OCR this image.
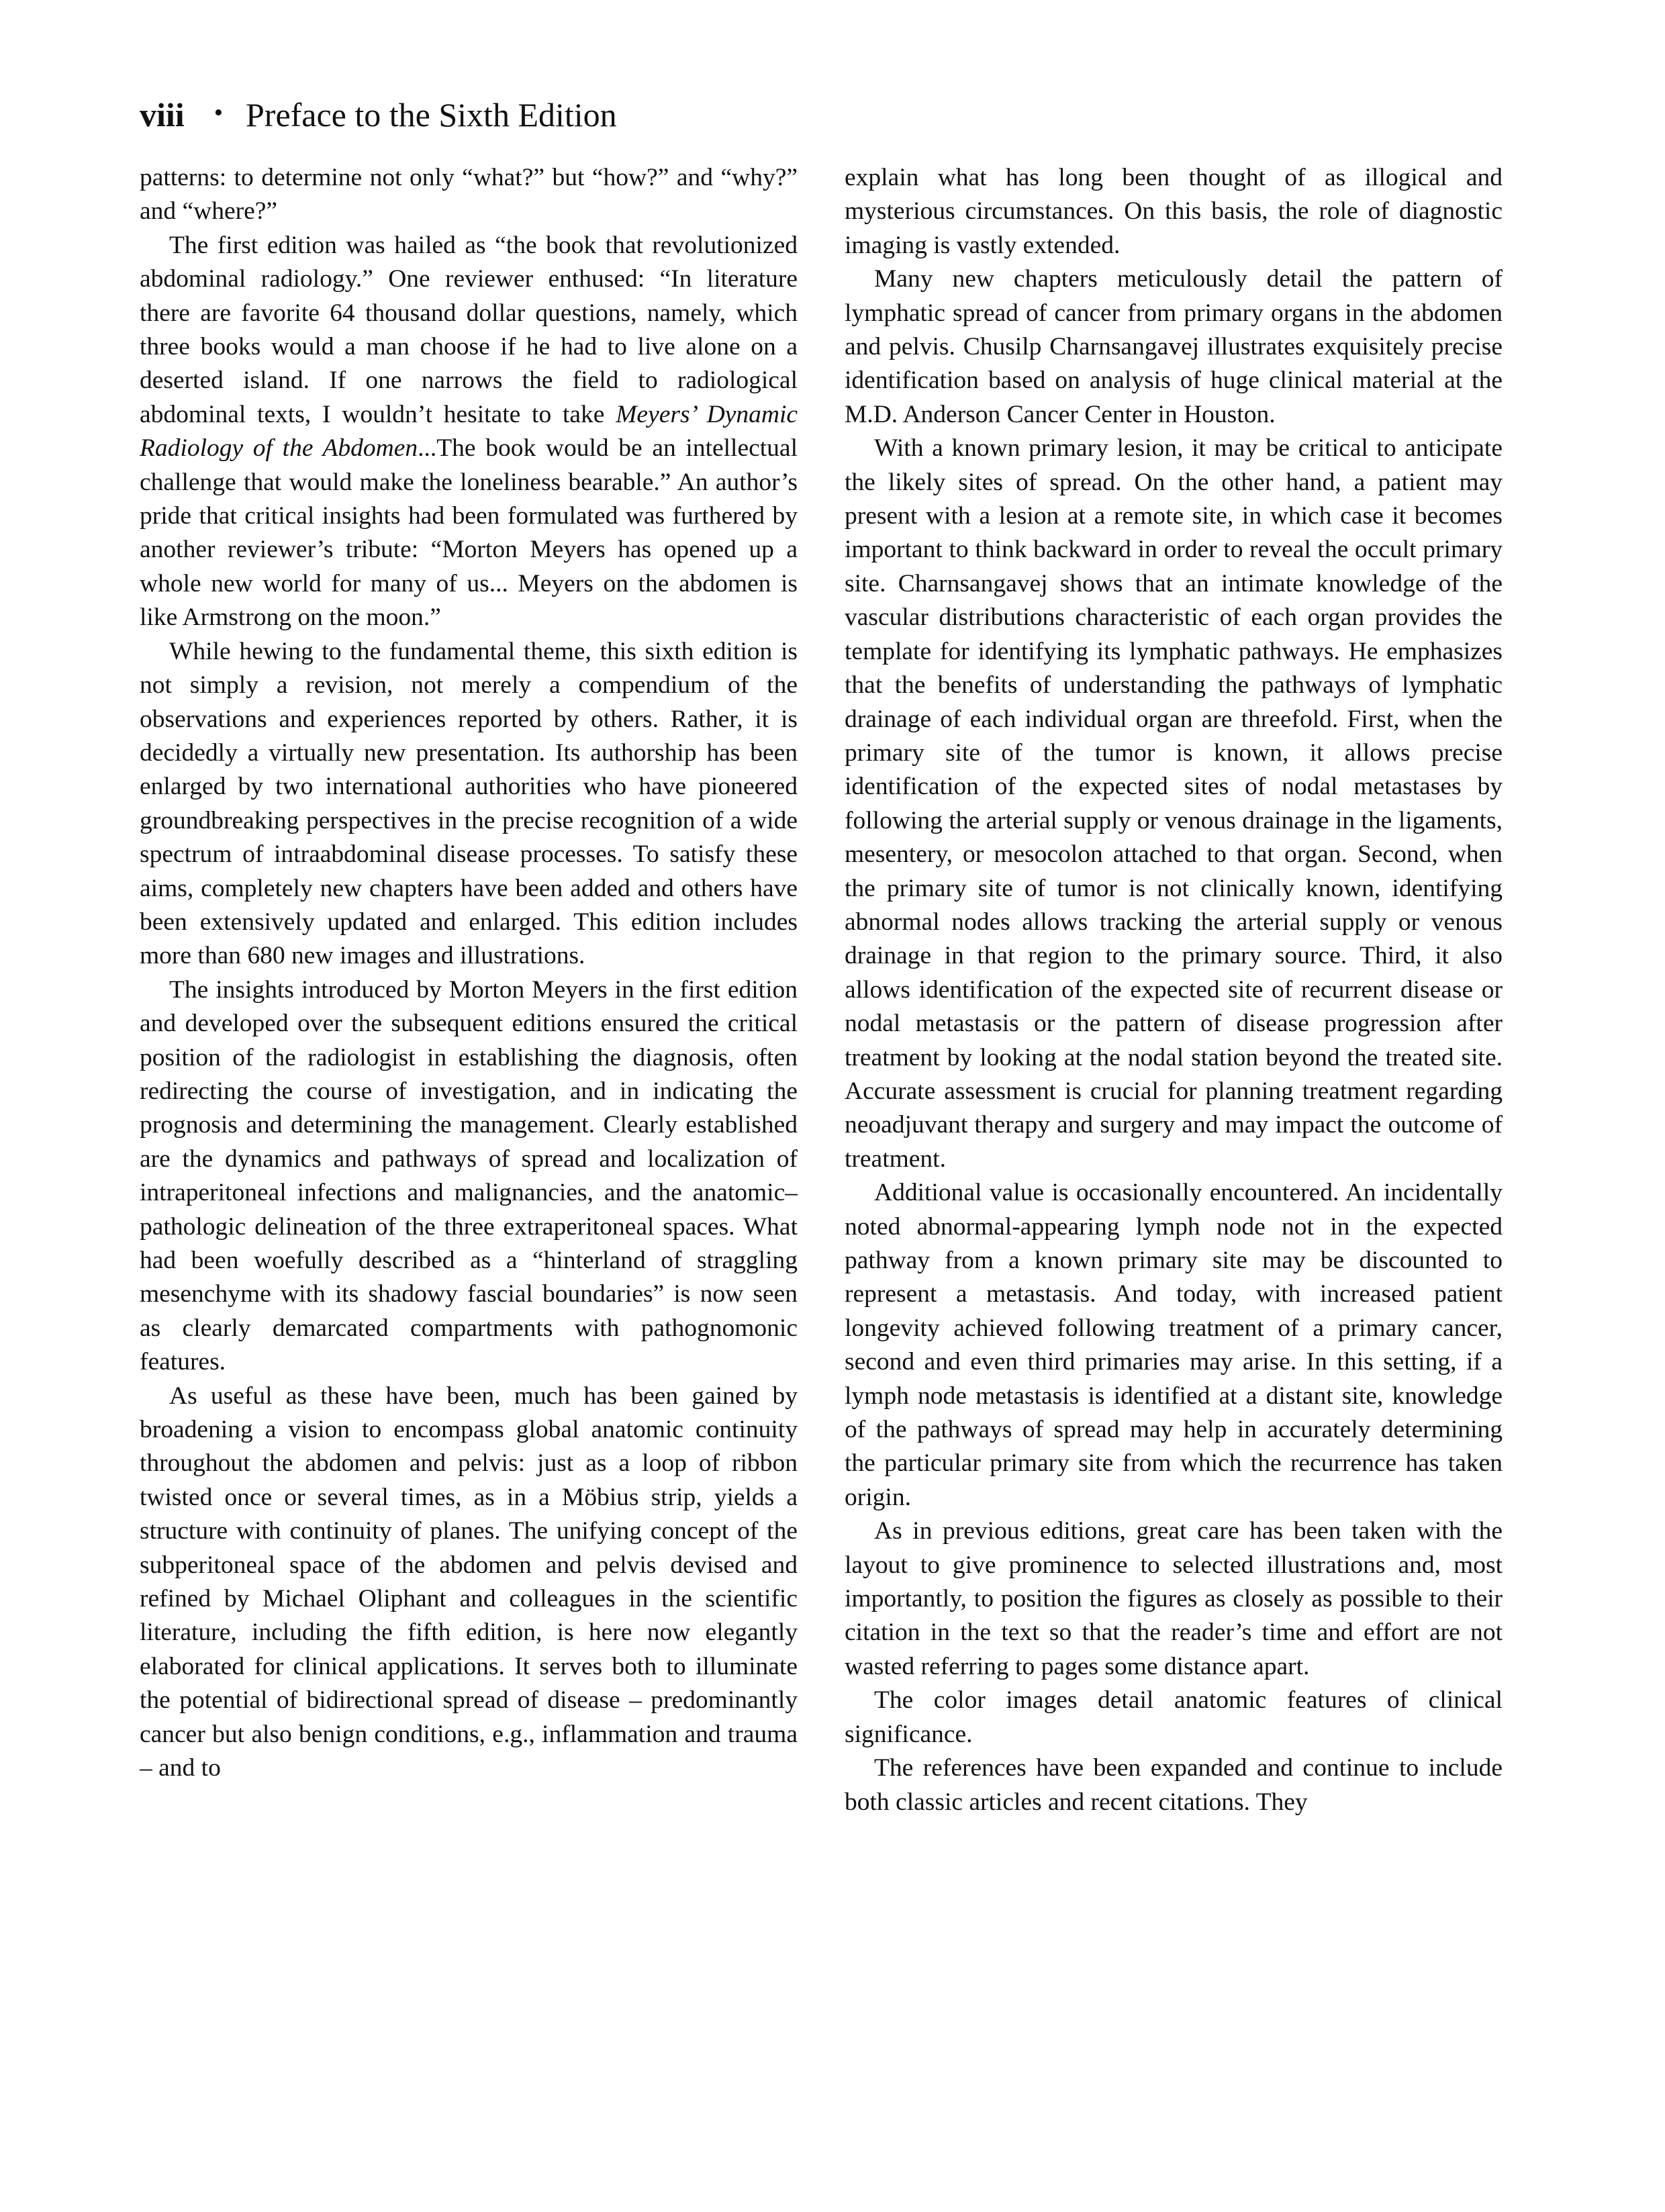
viii • Preface to the Sixth Edition

patterns: to determine not only “what?” but “how?” and “why?” and “where?”

The first edition was hailed as “the book that revolutionized abdominal radiology.” One reviewer enthused: “In literature there are favorite 64 thousand dollar questions, namely, which three books would a man choose if he had to live alone on a deserted island. If one narrows the field to radiological abdominal texts, I wouldn’t hesitate to take Meyers’ Dynamic Radiology of the Abdomen...The book would be an intellectual challenge that would make the loneliness bearable.” An author’s pride that critical insights had been formulated was furthered by another reviewer’s tribute: “Morton Meyers has opened up a whole new world for many of us... Meyers on the abdomen is like Armstrong on the moon.”

While hewing to the fundamental theme, this sixth edition is not simply a revision, not merely a compendium of the observations and experiences reported by others. Rather, it is decidedly a virtually new presentation. Its authorship has been enlarged by two international authorities who have pioneered groundbreaking perspectives in the precise recognition of a wide spectrum of intraabdominal disease processes. To satisfy these aims, completely new chapters have been added and others have been extensively updated and enlarged. This edition includes more than 680 new images and illustrations.

The insights introduced by Morton Meyers in the first edition and developed over the subsequent editions ensured the critical position of the radiologist in establishing the diagnosis, often redirecting the course of investigation, and in indicating the prognosis and determining the management. Clearly established are the dynamics and pathways of spread and localization of intraperitoneal infections and malignancies, and the anatomic–pathologic delineation of the three extraperitoneal spaces. What had been woefully described as a “hinterland of straggling mesenchyme with its shadowy fascial boundaries” is now seen as clearly demarcated compartments with pathognomonic features.

As useful as these have been, much has been gained by broadening a vision to encompass global anatomic continuity throughout the abdomen and pelvis: just as a loop of ribbon twisted once or several times, as in a Möbius strip, yields a structure with continuity of planes. The unifying concept of the subperitoneal space of the abdomen and pelvis devised and refined by Michael Oliphant and colleagues in the scientific literature, including the fifth edition, is here now elegantly elaborated for clinical applications. It serves both to illuminate the potential of bidirectional spread of disease – predominantly cancer but also benign conditions, e.g., inflammation and trauma – and to

explain what has long been thought of as illogical and mysterious circumstances. On this basis, the role of diagnostic imaging is vastly extended.

Many new chapters meticulously detail the pattern of lymphatic spread of cancer from primary organs in the abdomen and pelvis. Chusilp Charnsangavej illustrates exquisitely precise identification based on analysis of huge clinical material at the M.D. Anderson Cancer Center in Houston.

With a known primary lesion, it may be critical to anticipate the likely sites of spread. On the other hand, a patient may present with a lesion at a remote site, in which case it becomes important to think backward in order to reveal the occult primary site. Charnsangavej shows that an intimate knowledge of the vascular distributions characteristic of each organ provides the template for identifying its lymphatic pathways. He emphasizes that the benefits of understanding the pathways of lymphatic drainage of each individual organ are threefold. First, when the primary site of the tumor is known, it allows precise identification of the expected sites of nodal metastases by following the arterial supply or venous drainage in the ligaments, mesentery, or mesocolon attached to that organ. Second, when the primary site of tumor is not clinically known, identifying abnormal nodes allows tracking the arterial supply or venous drainage in that region to the primary source. Third, it also allows identification of the expected site of recurrent disease or nodal metastasis or the pattern of disease progression after treatment by looking at the nodal station beyond the treated site. Accurate assessment is crucial for planning treatment regarding neoadjuvant therapy and surgery and may impact the outcome of treatment.

Additional value is occasionally encountered. An incidentally noted abnormal-appearing lymph node not in the expected pathway from a known primary site may be discounted to represent a metastasis. And today, with increased patient longevity achieved following treatment of a primary cancer, second and even third primaries may arise. In this setting, if a lymph node metastasis is identified at a distant site, knowledge of the pathways of spread may help in accurately determining the particular primary site from which the recurrence has taken origin.

As in previous editions, great care has been taken with the layout to give prominence to selected illustrations and, most importantly, to position the figures as closely as possible to their citation in the text so that the reader’s time and effort are not wasted referring to pages some distance apart.

The color images detail anatomic features of clinical significance.

The references have been expanded and continue to include both classic articles and recent citations. They
